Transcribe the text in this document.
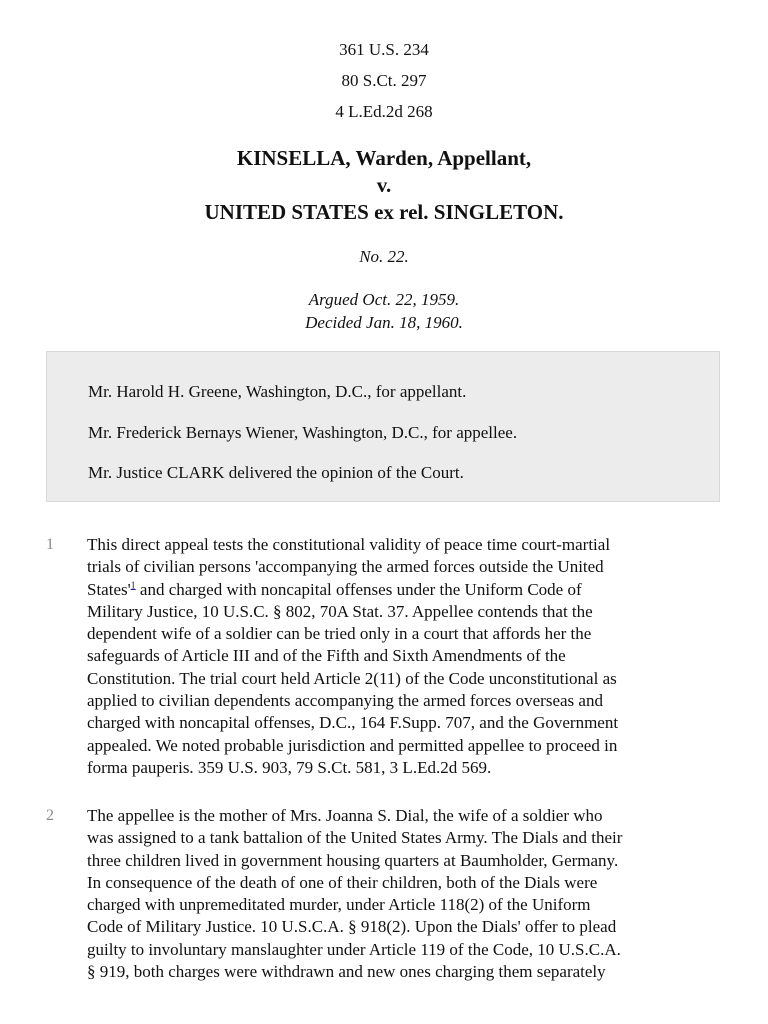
361 U.S. 234
80 S.Ct. 297
4 L.Ed.2d 268
KINSELLA, Warden, Appellant,
v.
UNITED STATES ex rel. SINGLETON.
No. 22.
Argued Oct. 22, 1959.
Decided Jan. 18, 1960.
Mr. Harold H. Greene, Washington, D.C., for appellant.
Mr. Frederick Bernays Wiener, Washington, D.C., for appellee.
Mr. Justice CLARK delivered the opinion of the Court.
1 This direct appeal tests the constitutional validity of peace time court-martial
trials of civilian persons 'accompanying the armed forces outside the United
States'$^1$ and charged with noncapital offenses under the Uniform Code of
Military Justice, 10 U.S.C. § 802, 70A Stat. 37. Appellee contends that the
dependent wife of a soldier can be tried only in a court that affords her the
safeguards of Article III and of the Fifth and Sixth Amendments of the
Constitution. The trial court held Article 2(11) of the Code unconstitutional as
applied to civilian dependents accompanying the armed forces overseas and
charged with noncapital offenses, D.C., 164 F.Supp. 707, and the Government
appealed. We noted probable jurisdiction and permitted appellee to proceed in
forma pauperis. 359 U.S. 903, 79 S.Ct. 581, 3 L.Ed.2d 569.
2 The appellee is the mother of Mrs. Joanna S. Dial, the wife of a soldier who
was assigned to a tank battalion of the United States Army. The Dials and their
three children lived in government housing quarters at Baumholder, Germany.
In consequence of the death of one of their children, both of the Dials were
charged with unpremeditated murder, under Article 118(2) of the Uniform
Code of Military Justice. 10 U.S.C.A. § 918(2). Upon the Dials' offer to plead
guilty to involuntary manslaughter under Article 119 of the Code, 10 U.S.C.A.
§ 919, both charges were withdrawn and new ones charging them separately
